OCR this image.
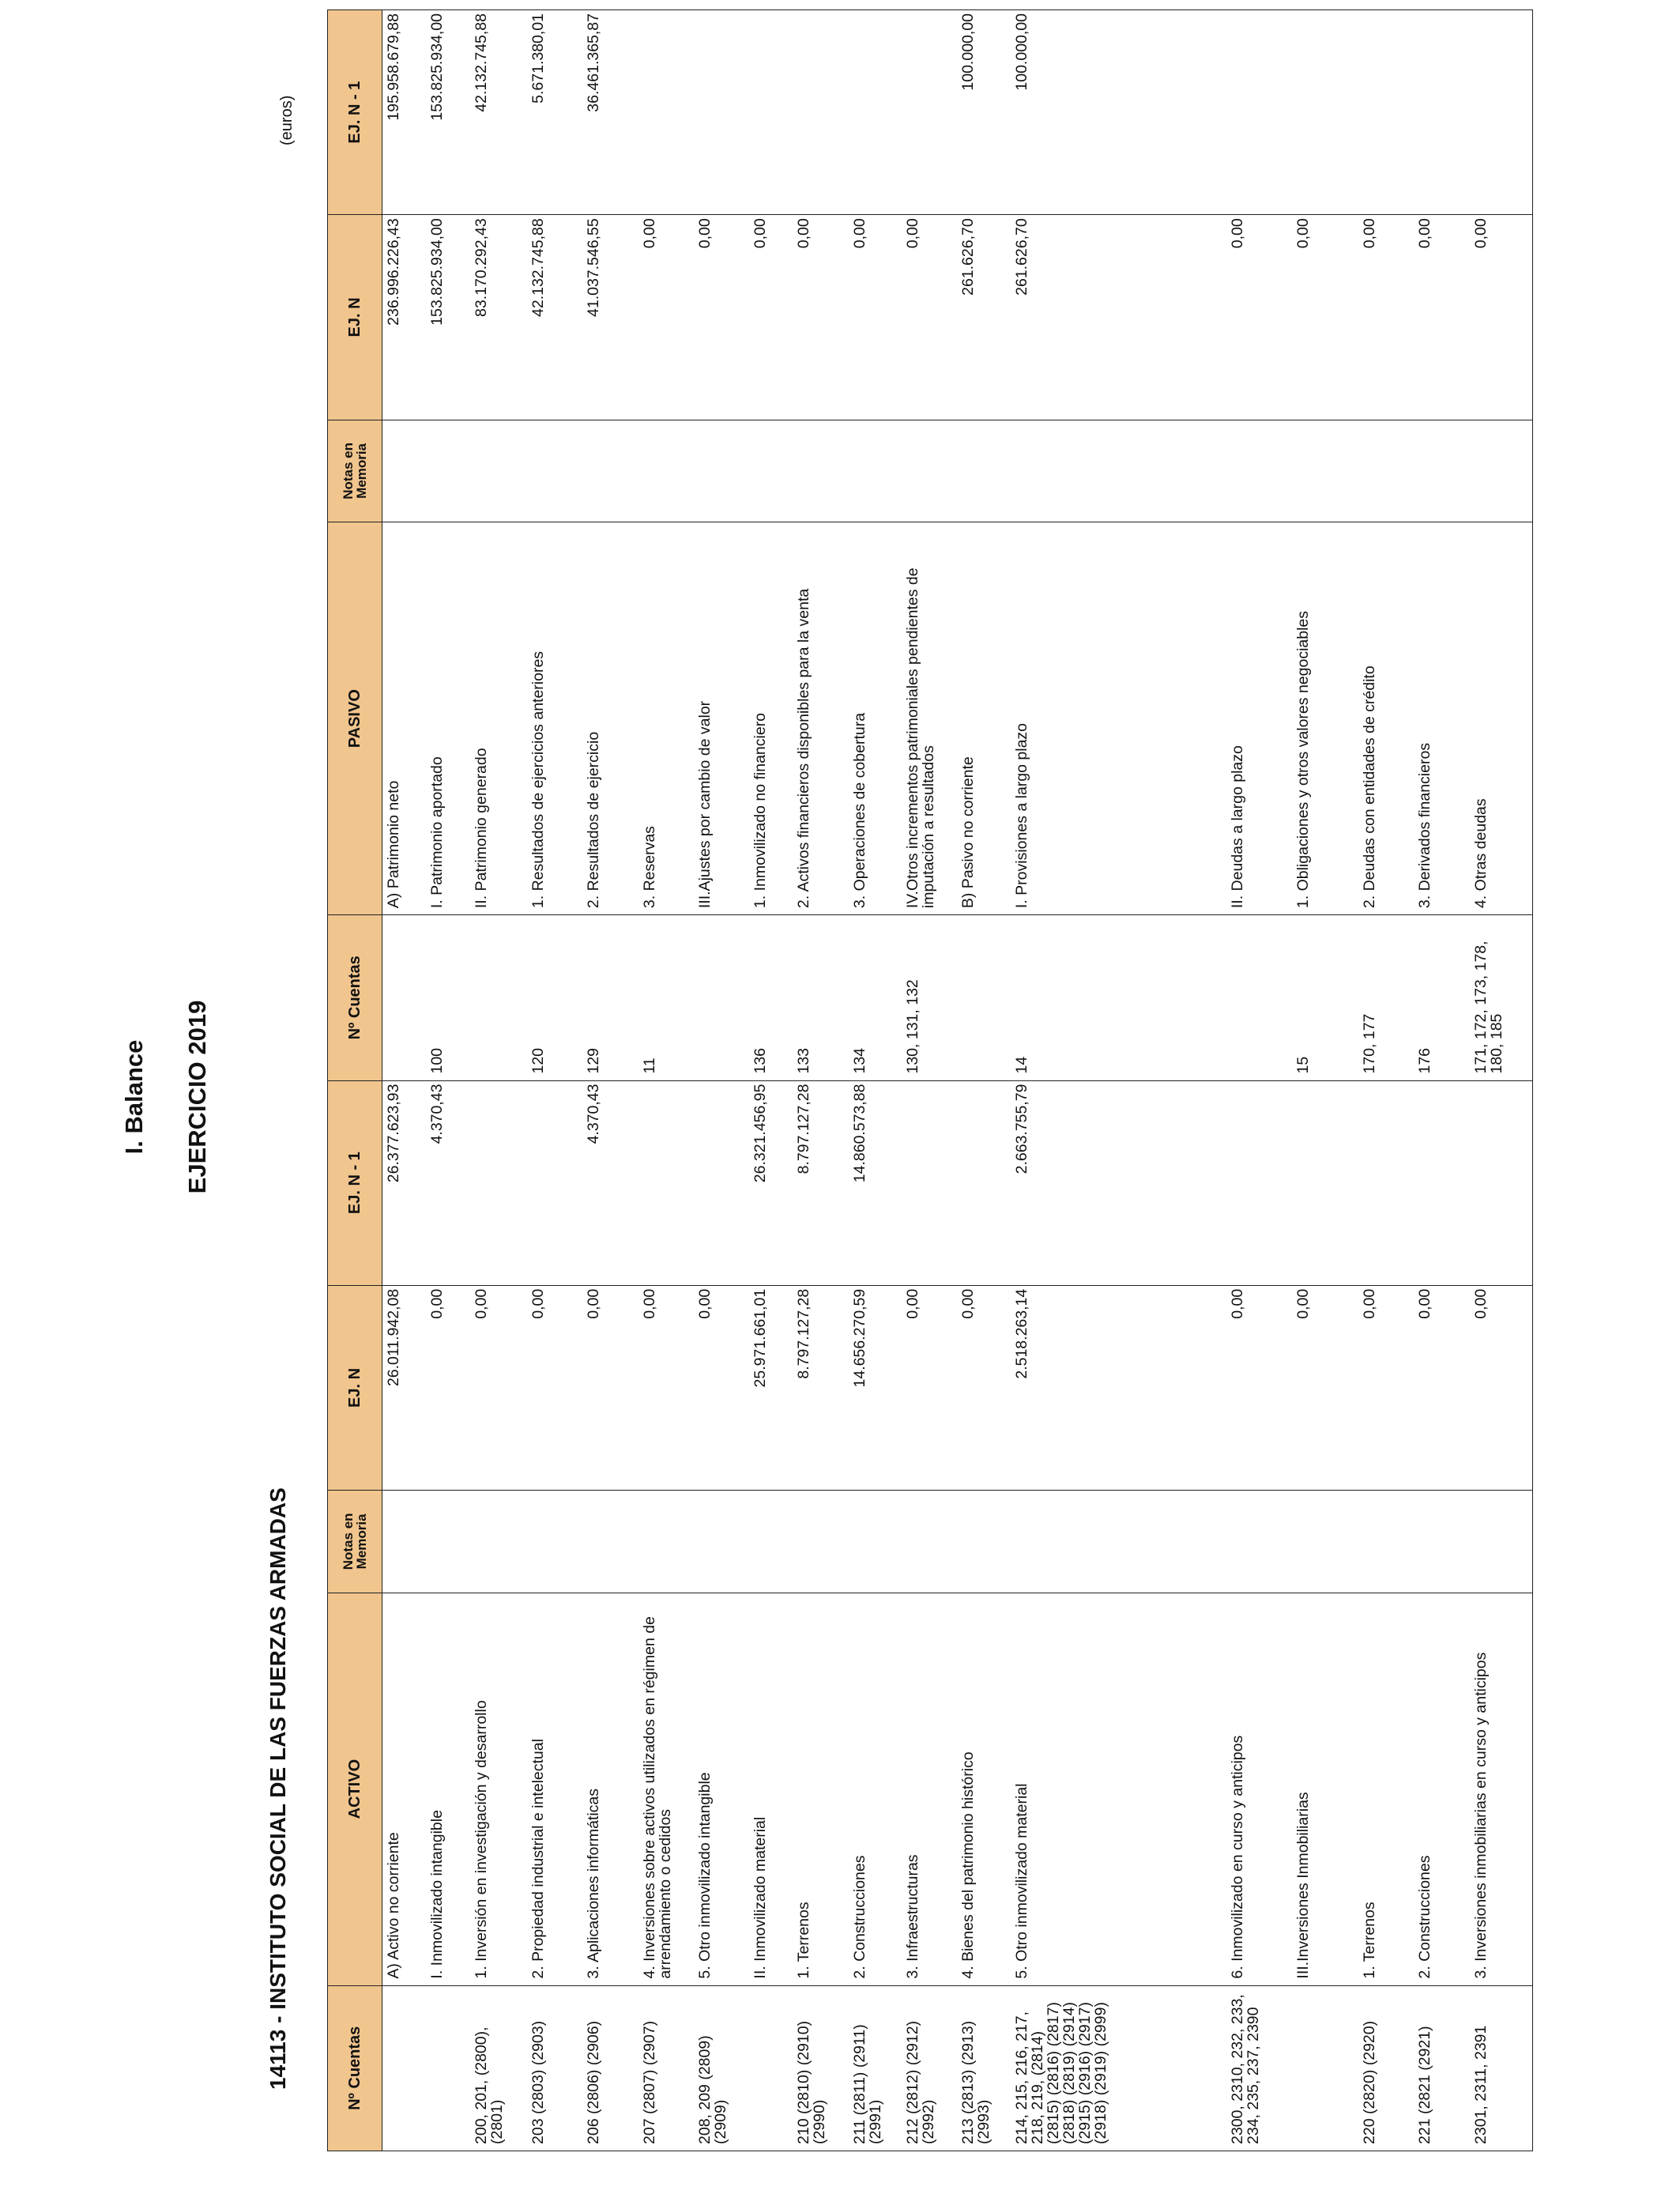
I. Balance EJERCICIO 2019
14113 - INSTITUTO SOCIAL DE LAS FUERZAS ARMADAS
(euros)
Nº Cuentas	ACTIVO	Notas en Memoria	EJ. N	EJ. N - 1	Nº Cuentas	PASIVO	Notas en Memoria	EJ. N	EJ. N - 1
	A) Activo no corriente		26.011.942,08	26.377.623,93		A) Patrimonio neto		236.996.226,43	195.958.679,88
	I. Inmovilizado intangible		0,00	4.370,43	100	I. Patrimonio aportado		153.825.934,00	153.825.934,00
200, 201, (2800), (2801)	1. Inversión en investigación y desarrollo		0,00			II. Patrimonio generado		83.170.292,43	42.132.745,88
203 (2803) (2903)	2. Propiedad industrial e intelectual		0,00		120	1. Resultados de ejercicios anteriores		42.132.745,88	5.671.380,01
206 (2806) (2906)	3. Aplicaciones informáticas		0,00	4.370,43	129	2. Resultados de ejercicio		41.037.546,55	36.461.365,87
207 (2807) (2907)	4. Inversiones sobre activos utilizados en régimen de arrendamiento o cedidos		0,00		11	3. Reservas		0,00	
208, 209 (2809) (2909)	5. Otro inmovilizado intangible		0,00			III.Ajustes por cambio de valor		0,00	
	II. Inmovilizado material		25.971.661,01	26.321.456,95	136	1. Inmovilizado no financiero		0,00	
210 (2810) (2910) (2990)	1. Terrenos		8.797.127,28	8.797.127,28	133	2. Activos financieros disponibles para la venta		0,00	
211 (2811) (2911) (2991)	2. Construcciones		14.656.270,59	14.860.573,88	134	3. Operaciones de cobertura		0,00	
212 (2812) (2912) (2992)	3. Infraestructuras		0,00		130, 131, 132	IV.Otros incrementos patrimoniales pendientes de imputación a resultados		0,00	
213 (2813) (2913) (2993)	4. Bienes del patrimonio histórico		0,00			B) Pasivo no corriente		261.626,70	100.000,00
214, 215, 216, 217, 218, 219, (2814) (2815) (2816) (2817) (2818) (2819) (2914) (2915) (2916) (2917) (2918) (2919) (2999)	5. Otro inmovilizado material		2.518.263,14	2.663.755,79	14	I. Provisiones a largo plazo		261.626,70	100.000,00
2300, 2310, 232, 233, 234, 235, 237, 2390	6. Inmovilizado en curso y anticipos		0,00			II. Deudas a largo plazo		0,00	
	III.Inversiones Inmobiliarias		0,00		15	1. Obligaciones y otros valores negociables		0,00	
220 (2820) (2920)	1. Terrenos		0,00		170, 177	2. Deudas con entidades de crédito		0,00	
221 (2821 (2921)	2. Construcciones		0,00		176	3. Derivados financieros		0,00	
2301, 2311, 2391	3. Inversiones inmobiliarias en curso y anticipos		0,00		171, 172, 173, 178, 180, 185	4. Otras deudas		0,00	
